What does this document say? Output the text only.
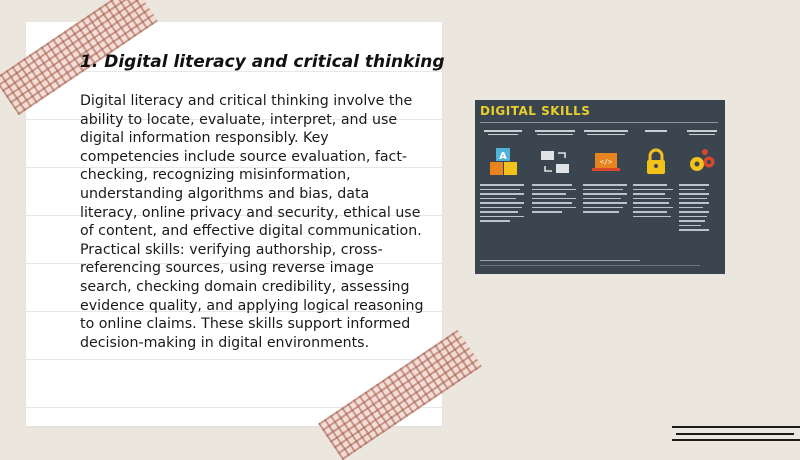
1. Digital literacy and critical thinking

Digital literacy and critical thinking involve the ability to locate, evaluate, interpret, and use digital information responsibly. Key competencies include source evaluation, fact-checking, recognizing misinformation, understanding algorithms and bias, data literacy, online privacy and security, ethical use of content, and effective digital communication. Practical skills: verifying authorship, cross-referencing sources, using reverse image search, checking domain credibility, assessing evidence quality, and applying logical reasoning to online claims. These skills support informed decision-making in digital environments.

DIGITAL SKILLS
A	</>
